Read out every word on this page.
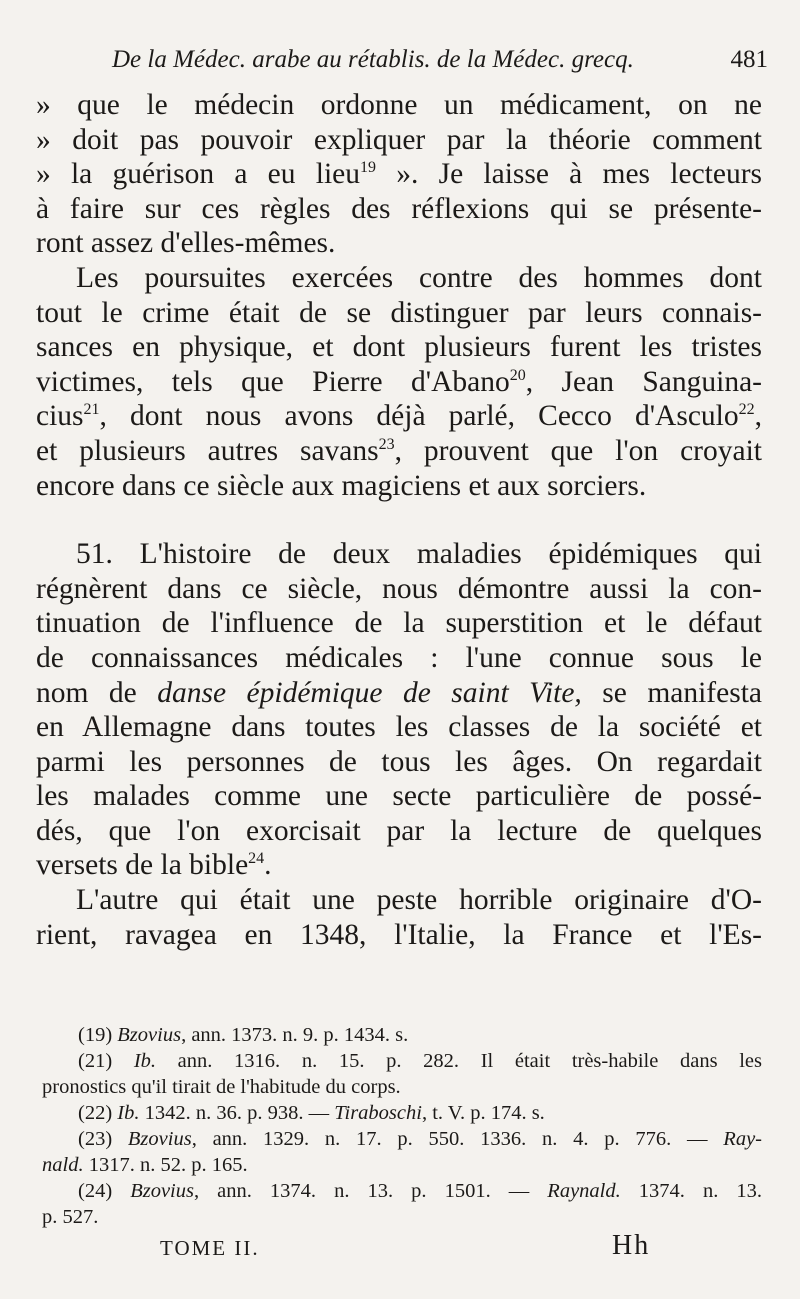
De la Médec. arabe au rétablis. de la Médec. grecq.	481

» que le médecin ordonne un médicament, on ne
» doit pas pouvoir expliquer par la théorie comment
» la guérison a eu lieu$^{19}$ ». Je laisse à mes lecteurs
à faire sur ces règles des réflexions qui se présente-
ront assez d'elles-mêmes.

Les poursuites exercées contre des hommes dont
tout le crime était de se distinguer par leurs connais-
sances en physique, et dont plusieurs furent les tristes
victimes, tels que Pierre d'Abano$^{20}$, Jean Sanguina-
cius$^{21}$, dont nous avons déjà parlé, Cecco d'Asculo$^{22}$,
et plusieurs autres savans$^{23}$, prouvent que l'on croyait
encore dans ce siècle aux magiciens et aux sorciers.

51. L'histoire de deux maladies épidémiques qui
régnèrent dans ce siècle, nous démontre aussi la con-
tinuation de l'influence de la superstition et le défaut
de connaissances médicales : l'une connue sous le
nom de danse épidémique de saint Vite, se manifesta
en Allemagne dans toutes les classes de la société et
parmi les personnes de tous les âges. On regardait
les malades comme une secte particulière de possé-
dés, que l'on exorcisait par la lecture de quelques
versets de la bible$^{24}$.

L'autre qui était une peste horrible originaire d'O-
rient, ravagea en 1348, l'Italie, la France et l'Es-

(19) Bzovius, ann. 1373. n. 9. p. 1434. s.

(21) Ib. ann. 1316. n. 15. p. 282. Il était très-habile dans les
pronostics qu'il tirait de l'habitude du corps.

(22) Ib. 1342. n. 36. p. 938. — Tiraboschi, t. V. p. 174. s.

(23) Bzovius, ann. 1329. n. 17. p. 550. 1336. n. 4. p. 776. — Ray-
nald. 1317. n. 52. p. 165.

(24) Bzovius, ann. 1374. n. 13. p. 1501. — Raynald. 1374. n. 13.
p. 527.

TOME II.	Hh
